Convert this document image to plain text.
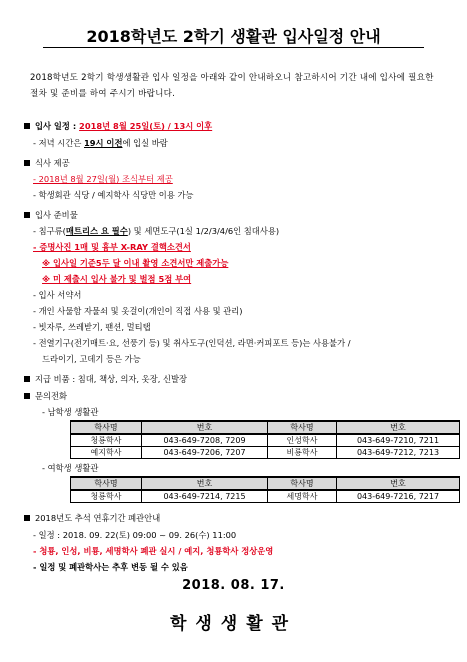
2018학년도 2학기 생활관 입사일정 안내
2018학년도 2학기 학생생활관 입사 일정을 아래와 같이 안내하오니 참고하시어 기간 내에 입사에 필요한 절차 및 준비를 하여 주시기 바랍니다.
입사 일정 : 2018년 8월 25일(토) / 13시 이후
- 저녁 시간은 19시 이전에 입실 바람
식사 제공
- 2018년 8월 27일(월) 조식부터 제공
- 학생회관 식당 / 예지학사 식당만 이용 가능
입사 준비물
- 침구류(매트리스 요 필수) 및 세면도구(1실 1/2/3/4/6인 침대사용)
- 증명사진 1매 및 흉부 X-RAY 결핵소견서
※ 입사일 기준5두 달 이내 촬영 소견서만 제출가능
※ 미 제출시 입사 불가 및 벌점 5점 부여
- 입사 서약서
- 개인 사물함 자물쇠 및 옷걸이(개인이 직접 사용 및 관리)
- 빗자루, 쓰레받기, 팬션, 멀티탭
- 전열기구(전기매트·요, 선풍기 등) 및 취사도구(인덕션, 라면·커피포트 등)는 사용불가 /
드라이기, 고데기 등은 가능
지급 비품 : 침대, 책상, 의자, 옷장, 신발장
문의전화
- 남학생 생활관
학사명	번호	학사명	번호
청룡학사	043-649-7208, 7209	인성학사	043-649-7210, 7211
예지학사	043-649-7206, 7207	비룡학사	043-649-7212, 7213
- 여학생 생활관
학사명	번호	학사명	번호
청룡학사	043-649-7214, 7215	세명학사	043-649-7216, 7217
2018년도 추석 연휴기간 폐관안내
- 일정 : 2018. 09. 22(토) 09:00 ~ 09. 26(수) 11:00
- 청룡, 인성, 비룡, 세명학사 폐관 실시 / 예지, 청룡학사 정상운영
- 일정 및 폐관학사는 추후 변동 될 수 있음
2018. 08. 17.
학생생활관
